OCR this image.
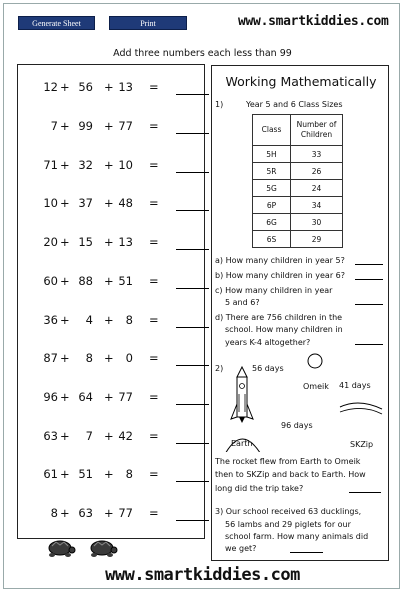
Generate Sheet	Print	www.smartkiddies.com
Add three numbers each less than 99
12 + 56 + 13 =
7 + 99 + 77 =
71 + 32 + 10 =
10 + 37 + 48 =
20 + 15 + 13 =
60 + 88 + 51 =
36 +	4 +	8 =
87 +	8 +	0 =
96 + 64 + 77 =
63 +	7 + 42 =
61 + 51 +	8 =
8 + 63 + 77 =
Working Mathematically
1)	Year 5 and 6 Class Sizes
Class	Number of Children
5H	33
5R	26
5G	24
6P	34
6G	30
6S	29
a) How many children in year 5?
b) How many children in year 6?
c) How many children in year
5 and 6?
d) There are 756 children in the
school. How many children in
years K-4 altogether?
2)	56 days
Omeik 41 days
96 days
Earth	SKZip
The rocket flew from Earth to Omeik
then to SKZip and back to Earth. How
long did the trip take?
3) Our school received 63 ducklings,
56 lambs and 29 piglets for our
school farm. How many animals did
we get?
www.smartkiddies.com
